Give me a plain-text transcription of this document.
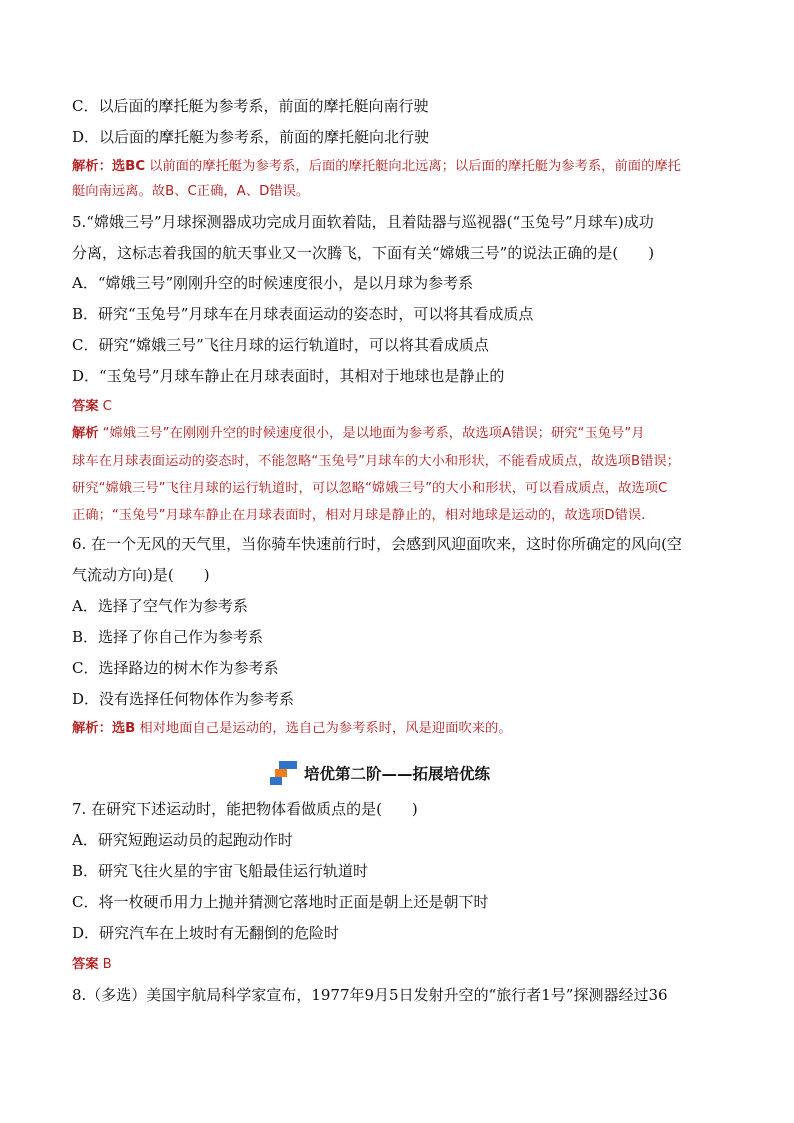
C．以后面的摩托艇为参考系，前面的摩托艇向南行驶
D．以后面的摩托艇为参考系，前面的摩托艇向北行驶
解析：选BC 以前面的摩托艇为参考系，后面的摩托艇向北远离；以后面的摩托艇为参考系，前面的摩托
艇向南远离。故B、C正确，A、D错误。
5.“嫦娥三号”月球探测器成功完成月面软着陆，且着陆器与巡视器(“玉兔号”月球车)成功
分离，这标志着我国的航天事业又一次腾飞，下面有关“嫦娥三号”的说法正确的是(　　)
A．“嫦娥三号”刚刚升空的时候速度很小，是以月球为参考系
B．研究“玉兔号”月球车在月球表面运动的姿态时，可以将其看成质点
C．研究“嫦娥三号”飞往月球的运行轨道时，可以将其看成质点
D．“玉兔号”月球车静止在月球表面时，其相对于地球也是静止的
答案 C
解析 “嫦娥三号”在刚刚升空的时候速度很小，是以地面为参考系，故选项A错误；研究“玉兔号”月
球车在月球表面运动的姿态时，不能忽略“玉兔号”月球车的大小和形状，不能看成质点，故选项B错误；
研究“嫦娥三号”飞往月球的运行轨道时，可以忽略“嫦娥三号”的大小和形状，可以看成质点，故选项C
正确；“玉兔号”月球车静止在月球表面时，相对月球是静止的，相对地球是运动的，故选项D错误.
6. 在一个无风的天气里，当你骑车快速前行时，会感到风迎面吹来，这时你所确定的风向(空
气流动方向)是(　　)
A．选择了空气作为参考系
B．选择了你自己作为参考系
C．选择路边的树木作为参考系
D．没有选择任何物体作为参考系
解析：选B 相对地面自己是运动的，选自己为参考系时，风是迎面吹来的。
培优第二阶——拓展培优练
7. 在研究下述运动时，能把物体看做质点的是(　　)
A．研究短跑运动员的起跑动作时
B．研究飞往火星的宇宙飞船最佳运行轨道时
C．将一枚硬币用力上抛并猜测它落地时正面是朝上还是朝下时
D．研究汽车在上坡时有无翻倒的危险时
答案 B
8.（多选）美国宇航局科学家宣布，1977年9月5日发射升空的“旅行者1号”探测器经过36
